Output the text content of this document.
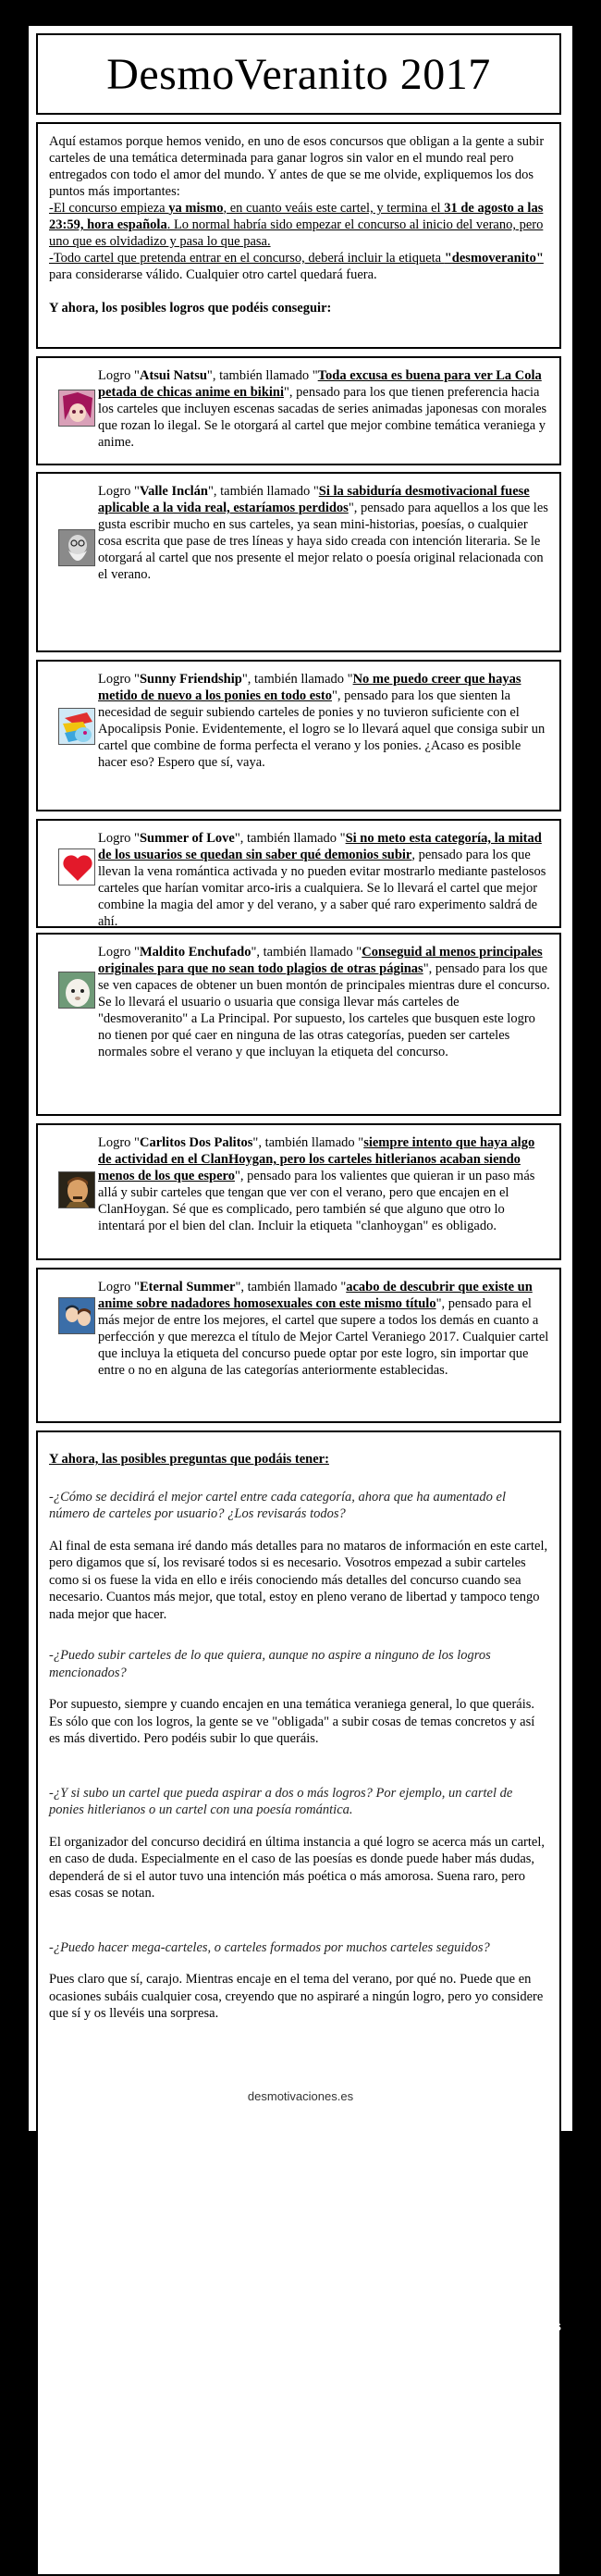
DesmoVeranito 2017

Aquí estamos porque hemos venido, en uno de esos concursos que obligan a la gente a subir carteles de una temática determinada para ganar logros sin valor en el mundo real pero entregados con todo el amor del mundo. Y antes de que se me olvide, expliquemos los dos puntos más importantes:

-El concurso empieza ya mismo, en cuanto veáis este cartel, y termina el 31 de agosto a las 23:59, hora española. Lo normal habría sido empezar el concurso al inicio del verano, pero uno que es olvidadizo y pasa lo que pasa.

-Todo cartel que pretenda entrar en el concurso, deberá incluir la etiqueta "desmoveranito" para considerarse válido. Cualquier otro cartel quedará fuera.

Y ahora, los posibles logros que podéis conseguir:

Logro "Atsui Natsu", también llamado "Toda excusa es buena para ver La Cola petada de chicas anime en bikini", pensado para los que tienen preferencia hacia los carteles que incluyen escenas sacadas de series animadas japonesas con morales que rozan lo ilegal. Se le otorgará al cartel que mejor combine temática veraniega y anime.
Logro "Valle Inclán", también llamado "Si la sabiduría desmotivacional fuese aplicable a la vida real, estaríamos perdidos", pensado para aquellos a los que les gusta escribir mucho en sus carteles, ya sean mini-historias, poesías, o cualquier cosa escrita que pase de tres líneas y haya sido creada con intención literaria. Se le otorgará al cartel que nos presente el mejor relato o poesía original relacionada con el verano.
Logro "Sunny Friendship", también llamado "No me puedo creer que hayas metido de nuevo a los ponies en todo esto", pensado para los que sienten la necesidad de seguir subiendo carteles de ponies y no tuvieron suficiente con el Apocalipsis Ponie. Evidentemente, el logro se lo llevará aquel que consiga subir un cartel que combine de forma perfecta el verano y los ponies. ¿Acaso es posible hacer eso? Espero que sí, vaya.
Logro "Summer of Love", también llamado "Si no meto esta categoría, la mitad de los usuarios se quedan sin saber qué demonios subir, pensado para los que llevan la vena romántica activada y no pueden evitar mostrarlo mediante pastelosos carteles que harían vomitar arco-iris a cualquiera. Se lo llevará el cartel que mejor combine la magia del amor y del verano, y a saber qué raro experimento saldrá de ahí.
Logro "Maldito Enchufado", también llamado "Conseguid al menos principales originales para que no sean todo plagios de otras páginas", pensado para los que se ven capaces de obtener un buen montón de principales mientras dure el concurso. Se lo llevará el usuario o usuaria que consiga llevar más carteles de "desmoveranito" a La Principal. Por supuesto, los carteles que busquen este logro no tienen por qué caer en ninguna de las otras categorías, pueden ser carteles normales sobre el verano y que incluyan la etiqueta del concurso.
Logro "Carlitos Dos Palitos", también llamado "siempre intento que haya algo de actividad en el ClanHoygan, pero los carteles hitlerianos acaban siendo menos de los que espero", pensado para los valientes que quieran ir un paso más allá y subir carteles que tengan que ver con el verano, pero que encajen en el ClanHoygan. Sé que es complicado, pero también sé que alguno que otro lo intentará por el bien del clan. Incluir la etiqueta "clanhoygan" es obligado.
Logro "Eternal Summer", también llamado "acabo de descubrir que existe un anime sobre nadadores homosexuales con este mismo título", pensado para el más mejor de entre los mejores, el cartel que supere a todos los demás en cuanto a perfección y que merezca el título de Mejor Cartel Veraniego 2017. Cualquier cartel que incluya la etiqueta del concurso puede optar por este logro, sin importar que entre o no en alguna de las categorías anteriormente establecidas.
Y ahora, las posibles preguntas que podáis tener:

-¿Cómo se decidirá el mejor cartel entre cada categoría, ahora que ha aumentado el número de carteles por usuario? ¿Los revisarás todos?

Al final de esta semana iré dando más detalles para no mataros de información en este cartel, pero digamos que sí, los revisaré todos si es necesario. Vosotros empezad a subir carteles como si os fuese la vida en ello e iréis conociendo más detalles del concurso cuando sea necesario. Cuantos más mejor, que total, estoy en pleno verano de libertad y tampoco tengo nada mejor que hacer.

-¿Puedo subir carteles de lo que quiera, aunque no aspire a ninguno de los logros mencionados?

Por supuesto, siempre y cuando encajen en una temática veraniega general, lo que queráis. Es sólo que con los logros, la gente se ve "obligada" a subir cosas de temas concretos y así es más divertido. Pero podéis subir lo que queráis.

-¿Y si subo un cartel que pueda aspirar a dos o más logros? Por ejemplo, un cartel de ponies hitlerianos o un cartel con una poesía romántica.

El organizador del concurso decidirá en última instancia a qué logro se acerca más un cartel, en caso de duda. Especialmente en el caso de las poesías es donde puede haber más dudas, dependerá de si el autor tuvo una intención más poética o más amorosa. Suena raro, pero esas cosas se notan.

-¿Puedo hacer mega-carteles, o carteles formados por muchos carteles seguidos?

Pues claro que sí, carajo. Mientras encaje en el tema del verano, por qué no. Puede que en ocasiones subáis cualquier cosa, creyendo que no aspiraré a ningún logro, pero yo considere que sí y os llevéis una sorpresa.

desmotivaciones.es
[DesmoVeranito 2017]

Leed el cartel para estar bien informados sobre el asunto y recordad que la etiqueta a utilizar será "desmoveranito" en este concurso.

-

Si tenéis cualquier otra duda, decidla en los comentarios e intentaré responderos por MP lo antes posible.

-

Eso es todo, podéis empezar a subir carteles hasta que os quedéis sin ideas para ello. El concurso terminará el 31 de agosto por la noche.

-

¡Mucha suerte a todos!
